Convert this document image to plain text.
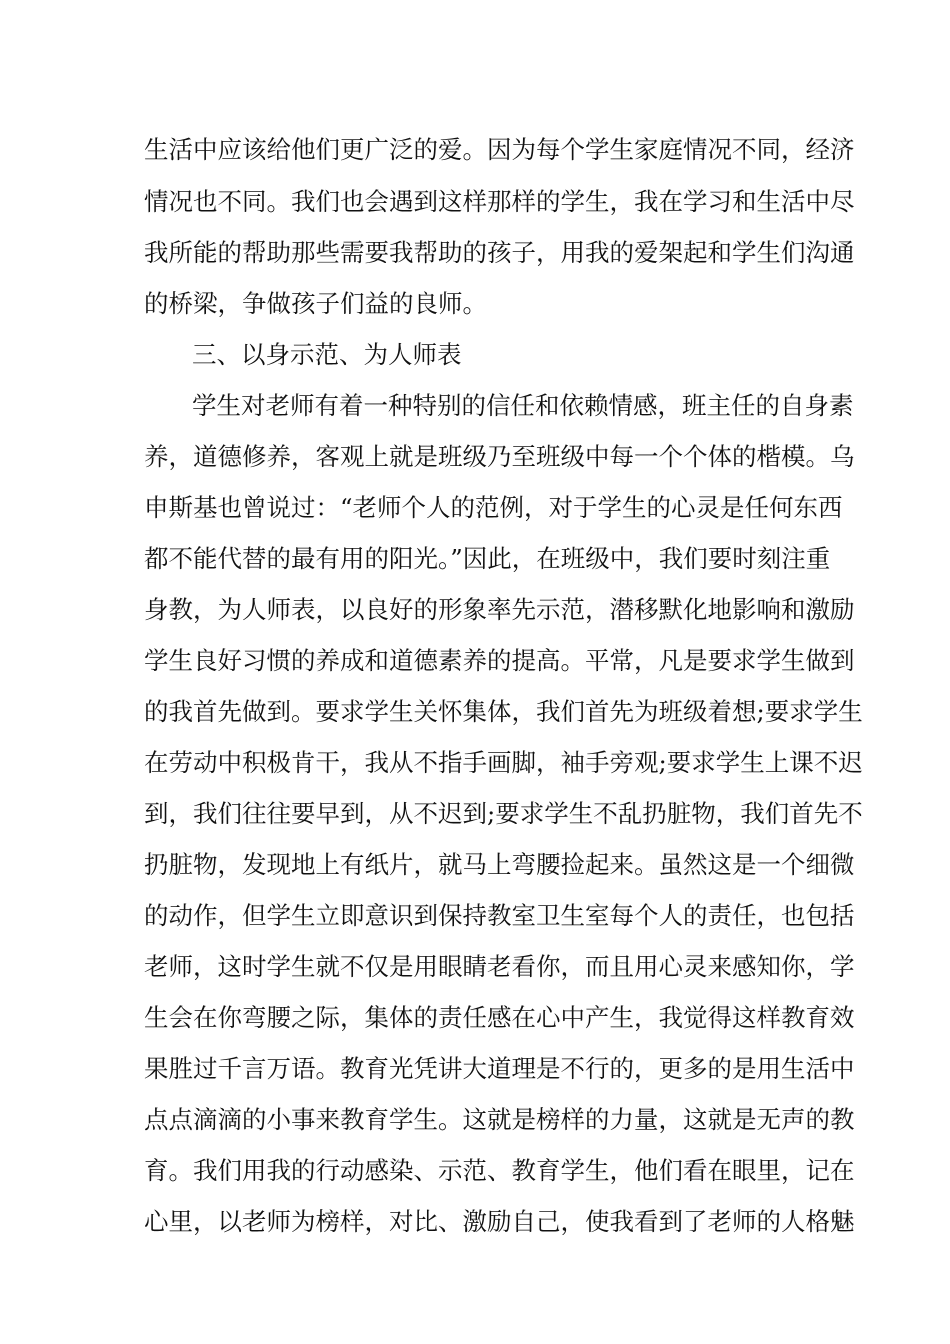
生活中应该给他们更广泛的爱。因为每个学生家庭情况不同，经济
情况也不同。我们也会遇到这样那样的学生，我在学习和生活中尽
我所能的帮助那些需要我帮助的孩子，用我的爱架起和学生们沟通
的桥梁，争做孩子们益的良师。
三、以身示范、为人师表
学生对老师有着一种特别的信任和依赖情感，班主任的自身素
养，道德修养，客观上就是班级乃至班级中每一个个体的楷模。乌
申斯基也曾说过：“老师个人的范例，对于学生的心灵是任何东西
都不能代替的最有用的阳光。”因此，在班级中，我们要时刻注重
身教，为人师表，以良好的形象率先示范，潜移默化地影响和激励
学生良好习惯的养成和道德素养的提高。平常，凡是要求学生做到
的我首先做到。要求学生关怀集体，我们首先为班级着想;要求学生
在劳动中积极肯干，我从不指手画脚，袖手旁观;要求学生上课不迟
到，我们往往要早到，从不迟到;要求学生不乱扔脏物，我们首先不
扔脏物，发现地上有纸片，就马上弯腰捡起来。虽然这是一个细微
的动作，但学生立即意识到保持教室卫生室每个人的责任，也包括
老师，这时学生就不仅是用眼睛老看你，而且用心灵来感知你，学
生会在你弯腰之际，集体的责任感在心中产生，我觉得这样教育效
果胜过千言万语。教育光凭讲大道理是不行的，更多的是用生活中
点点滴滴的小事来教育学生。这就是榜样的力量，这就是无声的教
育。我们用我的行动感染、示范、教育学生，他们看在眼里，记在
心里，以老师为榜样，对比、激励自己，使我看到了老师的人格魅
